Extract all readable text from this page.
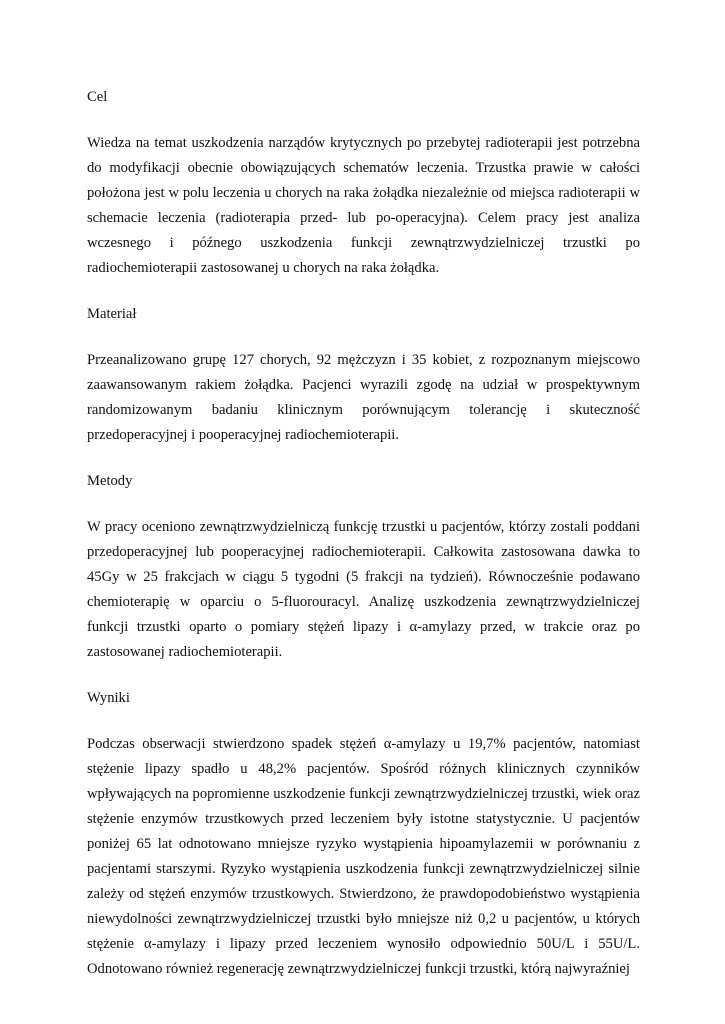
Cel

Wiedza na temat uszkodzenia narządów krytycznych po przebytej radioterapii jest potrzebna do modyfikacji obecnie obowiązujących schematów leczenia. Trzustka prawie w całości położona jest w polu leczenia u chorych na raka żołądka niezależnie od miejsca radioterapii w schemacie leczenia (radioterapia przed- lub po-operacyjna). Celem pracy jest analiza wczesnego i późnego uszkodzenia funkcji zewnątrzwydzielniczej trzustki po radiochemioterapii zastosowanej u chorych na raka żołądka.

Materiał

Przeanalizowano grupę 127 chorych, 92 mężczyzn i 35 kobiet, z rozpoznanym miejscowo zaawansowanym rakiem żołądka. Pacjenci wyrazili zgodę na udział w prospektywnym randomizowanym badaniu klinicznym porównującym tolerancję i skuteczność przedoperacyjnej i pooperacyjnej radiochemioterapii.

Metody

W pracy oceniono zewnątrzwydzielniczą funkcję trzustki u pacjentów, którzy zostali poddani przedoperacyjnej lub pooperacyjnej radiochemioterapii. Całkowita zastosowana dawka to 45Gy w 25 frakcjach w ciągu 5 tygodni (5 frakcji na tydzień). Równocześnie podawano chemioterapię w oparciu o 5-fluorouracyl. Analizę uszkodzenia zewnątrzwydzielniczej funkcji trzustki oparto o pomiary stężeń lipazy i α-amylazy przed, w trakcie oraz po zastosowanej radiochemioterapii.

Wyniki

Podczas obserwacji stwierdzono spadek stężeń α-amylazy u 19,7% pacjentów, natomiast stężenie lipazy spadło u 48,2% pacjentów. Spośród różnych klinicznych czynników wpływających na popromienne uszkodzenie funkcji zewnątrzwydzielniczej trzustki, wiek oraz stężenie enzymów trzustkowych przed leczeniem były istotne statystycznie. U pacjentów poniżej 65 lat odnotowano mniejsze ryzyko wystąpienia hipoamylazemii w porównaniu z pacjentami starszymi. Ryzyko wystąpienia uszkodzenia funkcji zewnątrzwydzielniczej silnie zależy od stężeń enzymów trzustkowych. Stwierdzono, że prawdopodobieństwo wystąpienia niewydolności zewnątrzwydzielniczej trzustki było mniejsze niż 0,2 u pacjentów, u których stężenie α-amylazy i lipazy przed leczeniem wynosiło odpowiednio 50U/L i 55U/L. Odnotowano również regenerację zewnątrzwydzielniczej funkcji trzustki, którą najwyraźniej
